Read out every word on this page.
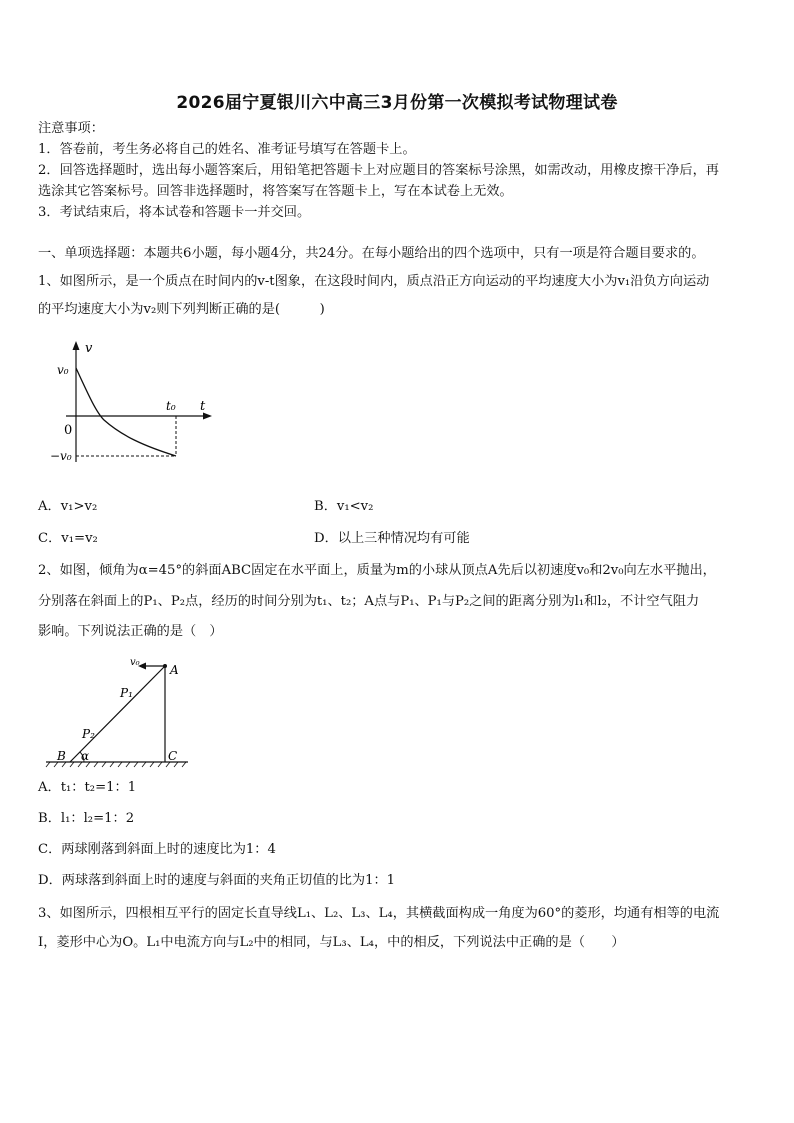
2026届宁夏银川六中高三3月份第一次模拟考试物理试卷
注意事项：
1．答卷前，考生务必将自己的姓名、准考证号填写在答题卡上。
2．回答选择题时，选出每小题答案后，用铅笔把答题卡上对应题目的答案标号涂黑，如需改动，用橡皮擦干净后，再
选涂其它答案标号。回答非选择题时，将答案写在答题卡上，写在本试卷上无效。
3．考试结束后，将本试卷和答题卡一并交回。
一、单项选择题：本题共6小题，每小题4分，共24分。在每小题给出的四个选项中，只有一项是符合题目要求的。
1、如图所示，是一个质点在时间内的v-t图象，在这段时间内，质点沿正方向运动的平均速度大小为v₁沿负方向运动
的平均速度大小为v₂则下列判断正确的是(　　　)
v
t
v₀
0
t₀
−v₀
A．v₁>v₂	B．v₁<v₂
C．v₁=v₂	D．以上三种情况均有可能
2、如图，倾角为α=45°的斜面ABC固定在水平面上，质量为m的小球从顶点A先后以初速度v₀和2v₀向左水平抛出，
分别落在斜面上的P₁、P₂点，经历的时间分别为t₁、t₂；A点与P₁、P₁与P₂之间的距离分别为l₁和l₂，不计空气阻力
影响。下列说法正确的是（　）
A
B	C
P₁
P₂
α
v₀
A．t₁：t₂=1：1
B．l₁：l₂=1：2
C．两球刚落到斜面上时的速度比为1：4
D．两球落到斜面上时的速度与斜面的夹角正切值的比为1：1
3、如图所示，四根相互平行的固定长直导线L₁、L₂、L₃、L₄，其横截面构成一角度为60°的菱形，均通有相等的电流
I，菱形中心为O。L₁中电流方向与L₂中的相同，与L₃、L₄，中的相反，下列说法中正确的是（　　）
